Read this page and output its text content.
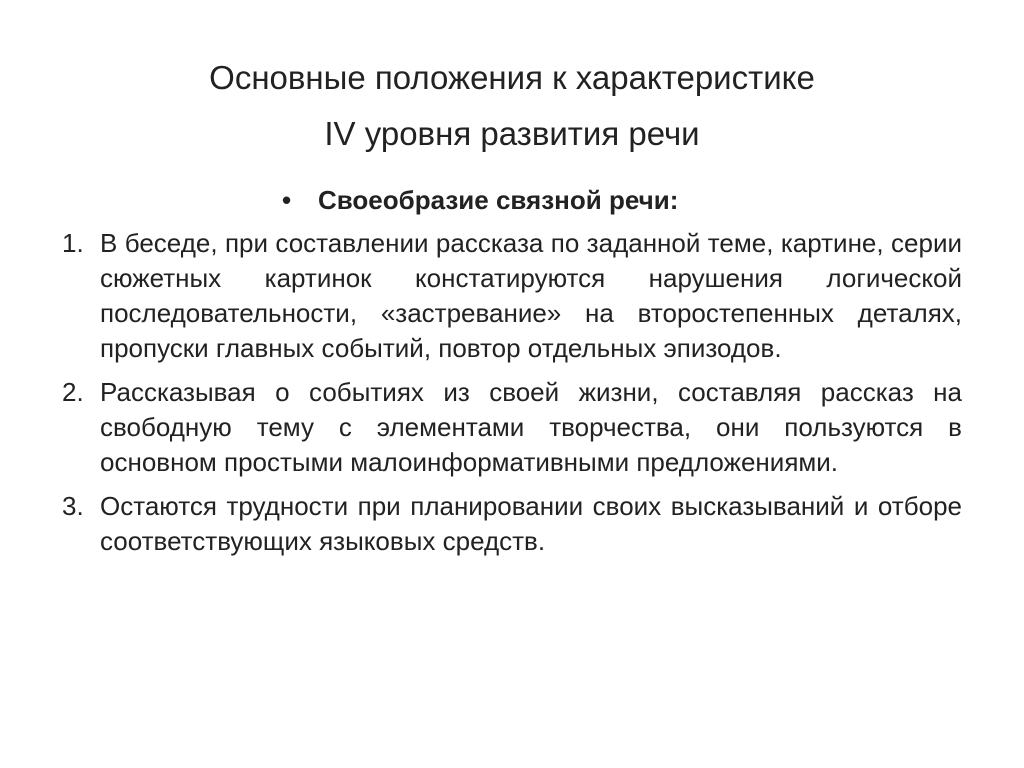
Основные положения к характеристике
IV уровня развития речи
• Своеобразие связной речи:
1. В беседе, при составлении рассказа по заданной теме, картине, серии сюжетных картинок констатируются нарушения логической последовательности, «застревание» на второстепенных деталях, пропуски главных событий, повтор отдельных эпизодов.
2. Рассказывая о событиях из своей жизни, составляя рассказ на свободную тему с элементами творчества, они пользуются в основном простыми малоинформативными предложениями.
3. Остаются трудности при планировании своих высказываний и отборе соответствующих языковых средств.
